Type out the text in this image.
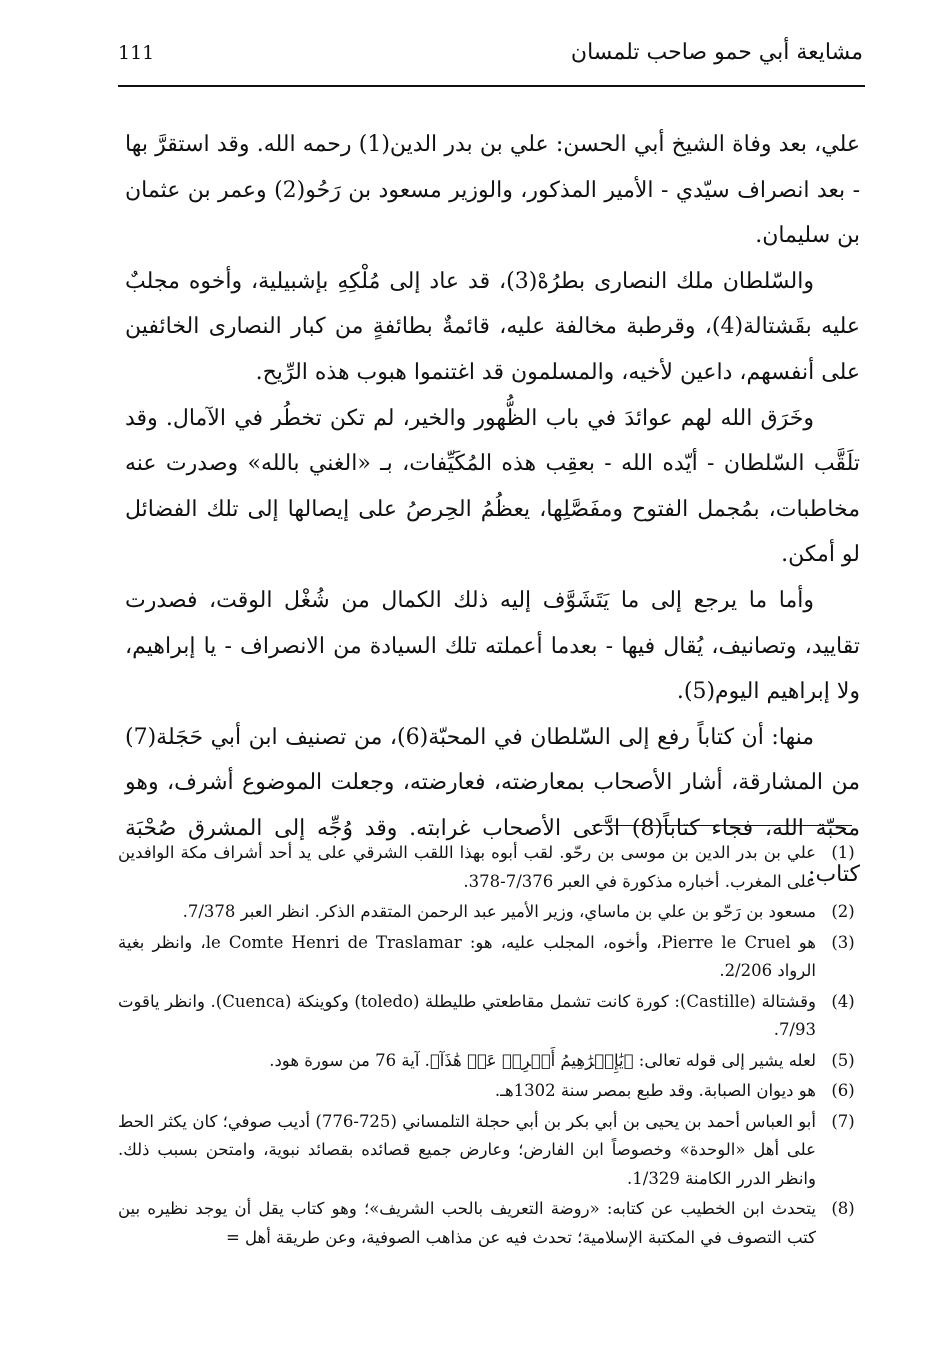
111	مشايعة أبي حمو صاحب تلمسان

علي، بعد وفاة الشيخ أبي الحسن: علي بن بدر الدين(1) رحمه الله. وقد استقرَّ بها - بعد انصراف سيّدي - الأمير المذكور، والوزير مسعود بن رَحُو(2) وعمر بن عثمان بن سليمان.

والسّلطان ملك النصارى بطرُهْ(3)، قد عاد إلى مُلْكِهِ بإشبيلية، وأخوه مجلبٌ عليه بقَشتالة(4)، وقرطبة مخالفة عليه، قائمةٌ بطائفةٍ من كبار النصارى الخائفين على أنفسهم، داعين لأخيه، والمسلمون قد اغتنموا هبوب هذه الرِّيح.

وخَرَق الله لهم عوائدَ في باب الظُّهور والخير، لم تكن تخطُر في الآمال. وقد تلَقَّب السّلطان - أيّده الله - بعقِب هذه المُكَيِّفات، بـ «الغني بالله» وصدرت عنه مخاطبات، بمُجمل الفتوح ومفَصَّلِها، يعظُمُ الحِرصُ على إيصالها إلى تلك الفضائل لو أمكن.

وأما ما يرجع إلى ما يَتَشَوَّف إليه ذلك الكمال من شُغْل الوقت، فصدرت تقاييد، وتصانيف، يُقال فيها - بعدما أعملته تلك السيادة من الانصراف - يا إبراهيم، ولا إبراهيم اليوم(5).

منها: أن كتاباً رفع إلى السّلطان في المحبّة(6)، من تصنيف ابن أبي حَجَلة(7) من المشارقة، أشار الأصحاب بمعارضته، فعارضته، وجعلت الموضوع أشرف، وهو محبّة الله، فجاء كتاباً(8) ادَّعى الأصحاب غرابته. وقد وُجِّه إلى المشرق صُحْبَة كتاب:

(1)
علي بن بدر الدين بن موسى بن رحّو. لقب أبوه بهذا اللقب الشرقي على يد أحد أشراف مكة الوافدين على المغرب. أخباره مذكورة في العبر 7/376-378.
(2)
مسعود بن رَحّو بن علي بن ماساي، وزير الأمير عبد الرحمن المتقدم الذكر. انظر العبر 7/378.
(3)
هو Pierre le Cruel، وأخوه، المجلب عليه، هو: le Comte Henri de Traslamar، وانظر بغية الرواد 2/206.
(4)
وقشتالة (Castille): كورة كانت تشمل مقاطعتي طليطلة (toledo) وكوينكة (Cuenca). وانظر ياقوت 7/93.
(5)
لعله يشير إلى قوله تعالى: ﴿يَٰإِبۡرَٰهِيمُ أَعۡرِضۡ عَنۡ هَٰذَآ﴾. آية 76 من سورة هود.
(6)
هو ديوان الصبابة. وقد طبع بمصر سنة 1302هـ.
(7)
أبو العباس أحمد بن يحيى بن أبي بكر بن أبي حجلة التلمساني (725-776) أديب صوفي؛ كان يكثر الحط على أهل «الوحدة» وخصوصاً ابن الفارض؛ وعارض جميع قصائده بقصائد نبوية، وامتحن بسبب ذلك. وانظر الدرر الكامنة 1/329.
(8)
يتحدث ابن الخطيب عن كتابه: «روضة التعريف بالحب الشريف»؛ وهو كتاب يقل أن يوجد نظيره بين كتب التصوف في المكتبة الإسلامية؛ تحدث فيه عن مذاهب الصوفية، وعن طريقة أهل =
